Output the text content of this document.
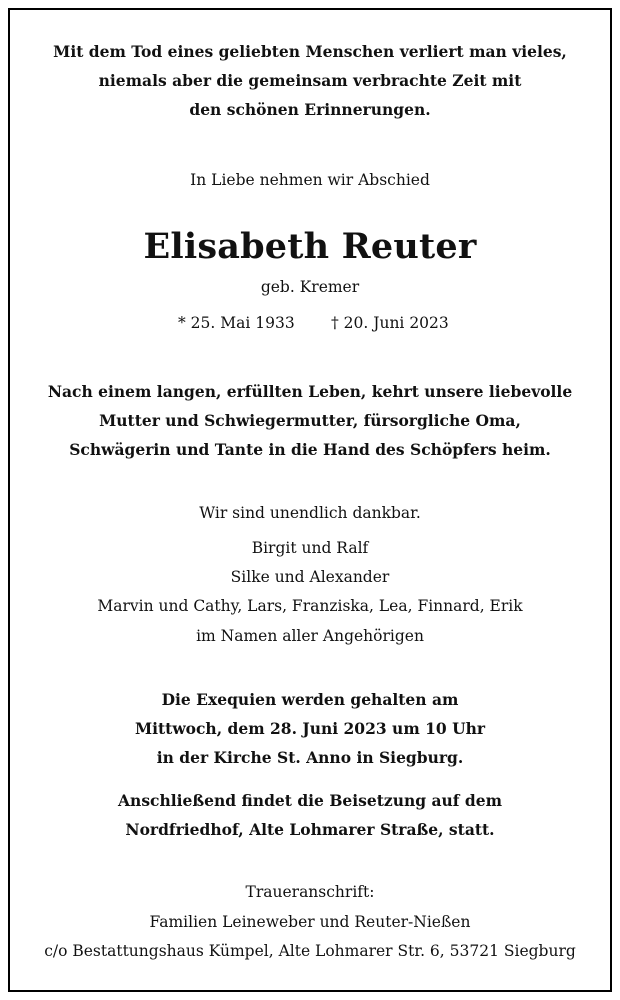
Mit dem Tod eines geliebten Menschen verliert man vieles,
niemals aber die gemeinsam verbrachte Zeit mit
den schönen Erinnerungen.
In Liebe nehmen wir Abschied
Elisabeth Reuter
geb. Kremer
* 25. Mai 1933 † 20. Juni 2023
Nach einem langen, erfüllten Leben, kehrt unsere liebevolle
Mutter und Schwiegermutter, fürsorgliche Oma,
Schwägerin und Tante in die Hand des Schöpfers heim.
Wir sind unendlich dankbar.
Birgit und Ralf
Silke und Alexander
Marvin und Cathy, Lars, Franziska, Lea, Finnard, Erik
im Namen aller Angehörigen
Die Exequien werden gehalten am
Mittwoch, dem 28. Juni 2023 um 10 Uhr
in der Kirche St. Anno in Siegburg.
Anschließend findet die Beisetzung auf dem
Nordfriedhof, Alte Lohmarer Straße, statt.
Traueranschrift:
Familien Leineweber und Reuter-Nießen
c/o Bestattungshaus Kümpel, Alte Lohmarer Str. 6, 53721 Siegburg
